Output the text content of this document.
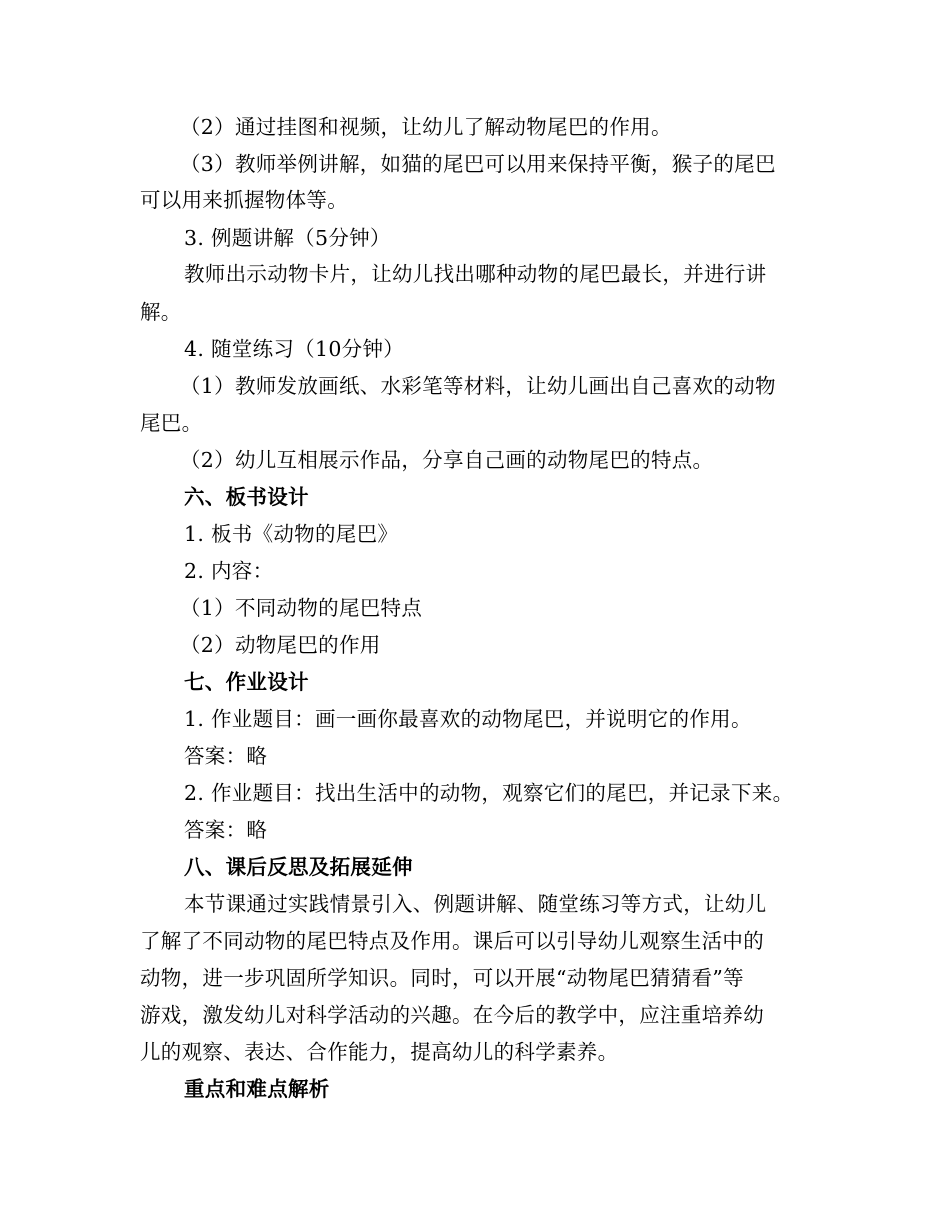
（2）通过挂图和视频，让幼儿了解动物尾巴的作用。
（3）教师举例讲解，如猫的尾巴可以用来保持平衡，猴子的尾巴
可以用来抓握物体等。
3. 例题讲解（5分钟）
教师出示动物卡片，让幼儿找出哪种动物的尾巴最长，并进行讲
解。
4. 随堂练习（10分钟）
（1）教师发放画纸、水彩笔等材料，让幼儿画出自己喜欢的动物
尾巴。
（2）幼儿互相展示作品，分享自己画的动物尾巴的特点。
六、板书设计
1. 板书《动物的尾巴》
2. 内容：
（1）不同动物的尾巴特点
（2）动物尾巴的作用
七、作业设计
1. 作业题目：画一画你最喜欢的动物尾巴，并说明它的作用。
答案：略
2. 作业题目：找出生活中的动物，观察它们的尾巴，并记录下来。
答案：略
八、课后反思及拓展延伸
本节课通过实践情景引入、例题讲解、随堂练习等方式，让幼儿
了解了不同动物的尾巴特点及作用。课后可以引导幼儿观察生活中的
动物，进一步巩固所学知识。同时，可以开展“动物尾巴猜猜看”等
游戏，激发幼儿对科学活动的兴趣。在今后的教学中，应注重培养幼
儿的观察、表达、合作能力，提高幼儿的科学素养。
重点和难点解析
